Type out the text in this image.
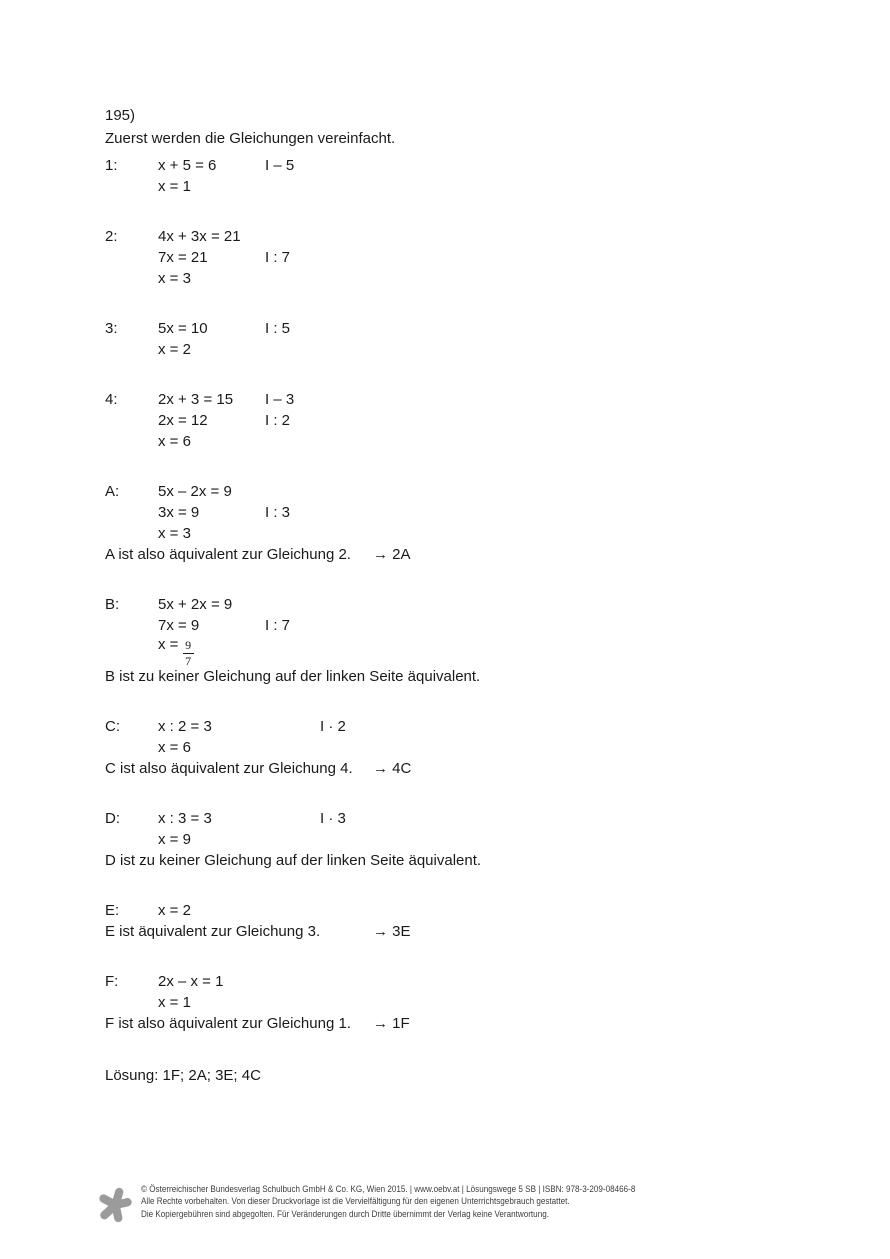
195)
Zuerst werden die Gleichungen vereinfacht.
1:	x + 5 = 6	I – 5
x = 1
2:	4x + 3x = 21
7x = 21	I : 7
x = 3
3:	5x = 10	I : 5
x = 2
4:	2x + 3 = 15	I – 3
2x = 12	I : 2
x = 6
A:	5x – 2x = 9
3x = 9	I : 3
x = 3
A ist also äquivalent zur Gleichung 2.	→ 2A
B:	5x + 2x = 9
7x = 9	I : 7
$x = \frac{9}{7}$
B ist zu keiner Gleichung auf der linken Seite äquivalent.
C:	x : 2 = 3	I · 2
x = 6
C ist also äquivalent zur Gleichung 4.	→ 4C
D:	x : 3 = 3	I · 3
x = 9
D ist zu keiner Gleichung auf der linken Seite äquivalent.
E:	x = 2
E ist äquivalent zur Gleichung 3.	→ 3E
F:	2x – x = 1
x = 1
F ist also äquivalent zur Gleichung 1.	→ 1F
Lösung: 1F; 2A; 3E; 4C
© Österreichischer Bundesverlag Schulbuch GmbH & Co. KG, Wien 2015. | www.oebv.at | Lösungswege 5 SB | ISBN: 978-3-209-08466-8
Alle Rechte vorbehalten. Von dieser Druckvorlage ist die Vervielfältigung für den eigenen Unterrichtsgebrauch gestattet.
Die Kopiergebühren sind abgegolten. Für Veränderungen durch Dritte übernimmt der Verlag keine Verantwortung.
